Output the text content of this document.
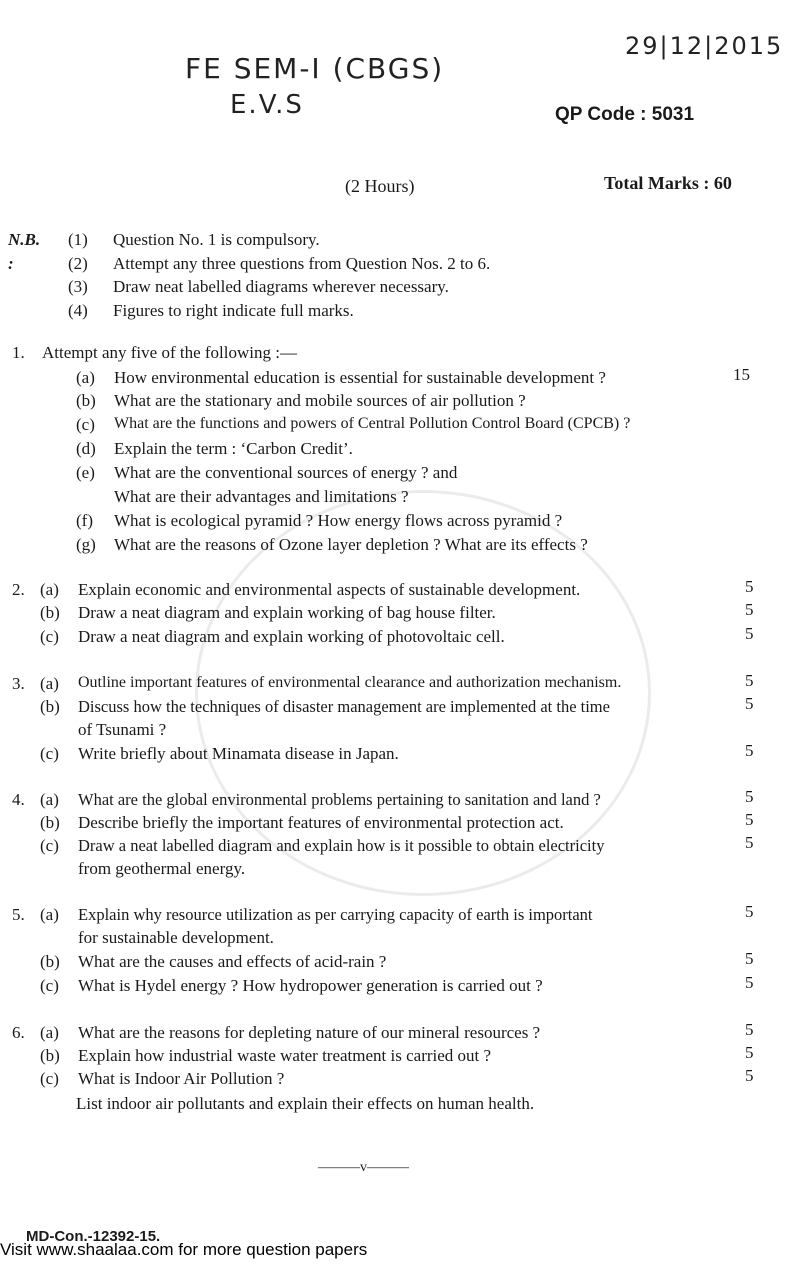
FE SEM-I (CBGS)
E.V.S
29|12|2015
QP Code : 5031
(2 Hours)	Total Marks : 60
N.B. :
(1) Question No. 1 is compulsory.
(2) Attempt any three questions from Question Nos. 2 to 6.
(3) Draw neat labelled diagrams wherever necessary.
(4) Figures to right indicate full marks.
1. Attempt any five of the following :—
(a) How environmental education is essential for sustainable development ?	15
(b) What are the stationary and mobile sources of air pollution ?
(c) What are the functions and powers of Central Pollution Control Board (CPCB) ?
(d) Explain the term : ‘Carbon Credit’.
(e) What are the conventional sources of energy ? and
What are their advantages and limitations ?
(f) What is ecological pyramid ? How energy flows across pyramid ?
(g) What are the reasons of Ozone layer depletion ? What are its effects ?
2. (a) Explain economic and environmental aspects of sustainable development.	5
(b) Draw a neat diagram and explain working of bag house filter.	5
(c) Draw a neat diagram and explain working of photovoltaic cell.	5
3. (a) Outline important features of environmental clearance and authorization mechanism.	5
(b) Discuss how the techniques of disaster management are implemented at the time	5
of Tsunami ?
(c) Write briefly about Minamata disease in Japan.	5
4. (a) What are the global environmental problems pertaining to sanitation and land ?	5
(b) Describe briefly the important features of environmental protection act.	5
(c) Draw a neat labelled diagram and explain how is it possible to obtain electricity	5
from geothermal energy.
5. (a) Explain why resource utilization as per carrying capacity of earth is important	5
for sustainable development.
(b) What are the causes and effects of acid-rain ?	5
(c) What is Hydel energy ? How hydropower generation is carried out ?	5
6. (a) What are the reasons for depleting nature of our mineral resources ?	5
(b) Explain how industrial waste water treatment is carried out ?	5
(c) What is Indoor Air Pollution ?	5
List indoor air pollutants and explain their effects on human health.
———v———
MD-Con.-12392-15.
Visit www.shaalaa.com for more question papers
